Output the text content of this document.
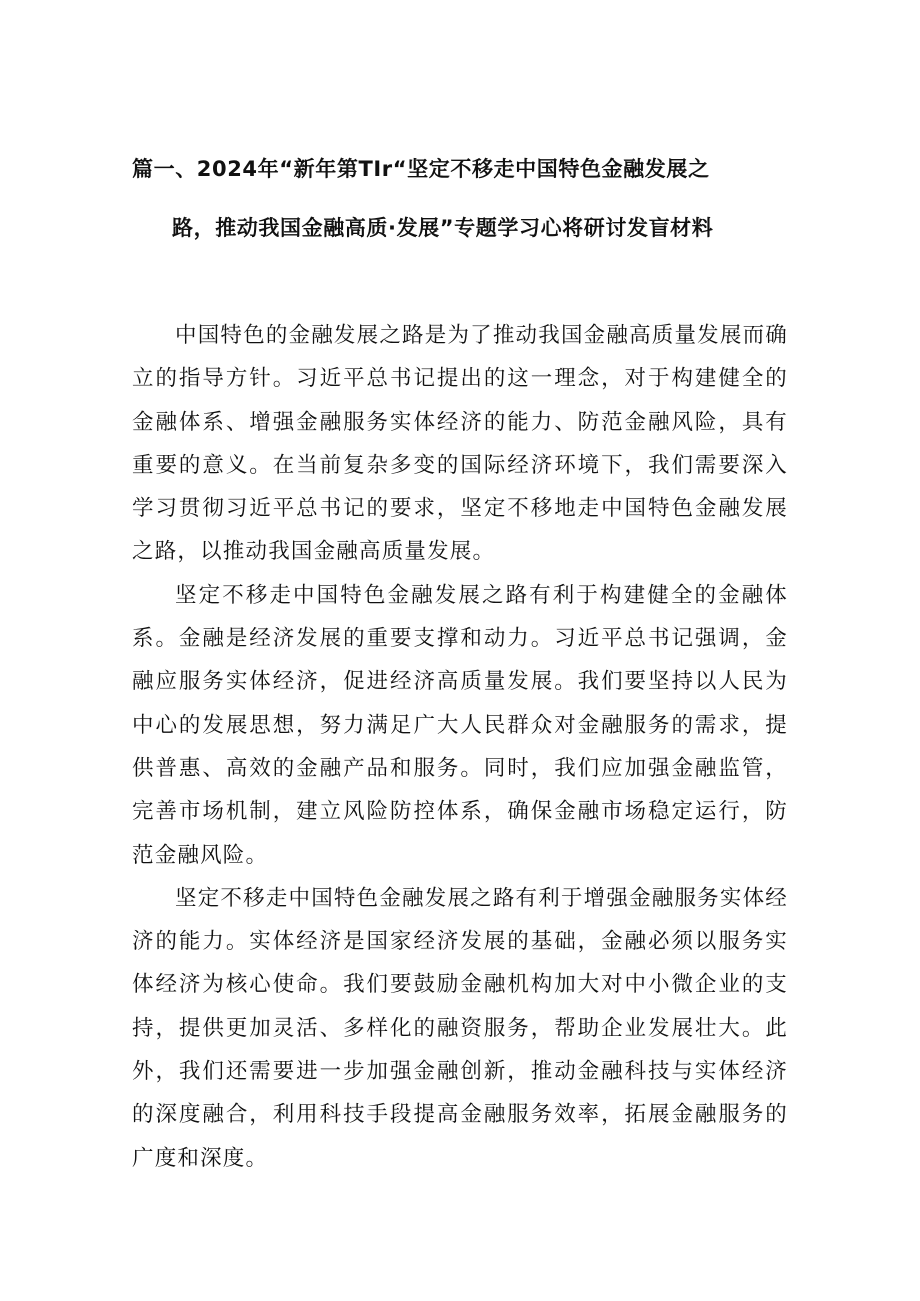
篇一、2024年“新年第TIr“坚定不移走中国特色金融发展之
路，推动我国金融高质·发展”专题学习心将研讨发盲材料

中国特色的金融发展之路是为了推动我国金融高质量发展而确立的指导方针。习近平总书记提出的这一理念，对于构建健全的金融体系、增强金融服务实体经济的能力、防范金融风险，具有重要的意义。在当前复杂多变的国际经济环境下，我们需要深入学习贯彻习近平总书记的要求，坚定不移地走中国特色金融发展之路，以推动我国金融高质量发展。

坚定不移走中国特色金融发展之路有利于构建健全的金融体系。金融是经济发展的重要支撑和动力。习近平总书记强调，金融应服务实体经济，促进经济高质量发展。我们要坚持以人民为中心的发展思想，努力满足广大人民群众对金融服务的需求，提供普惠、高效的金融产品和服务。同时，我们应加强金融监管，完善市场机制，建立风险防控体系，确保金融市场稳定运行，防范金融风险。

坚定不移走中国特色金融发展之路有利于增强金融服务实体经济的能力。实体经济是国家经济发展的基础，金融必须以服务实体经济为核心使命。我们要鼓励金融机构加大对中小微企业的支持，提供更加灵活、多样化的融资服务，帮助企业发展壮大。此外，我们还需要进一步加强金融创新，推动金融科技与实体经济的深度融合，利用科技手段提高金融服务效率，拓展金融服务的广度和深度。
